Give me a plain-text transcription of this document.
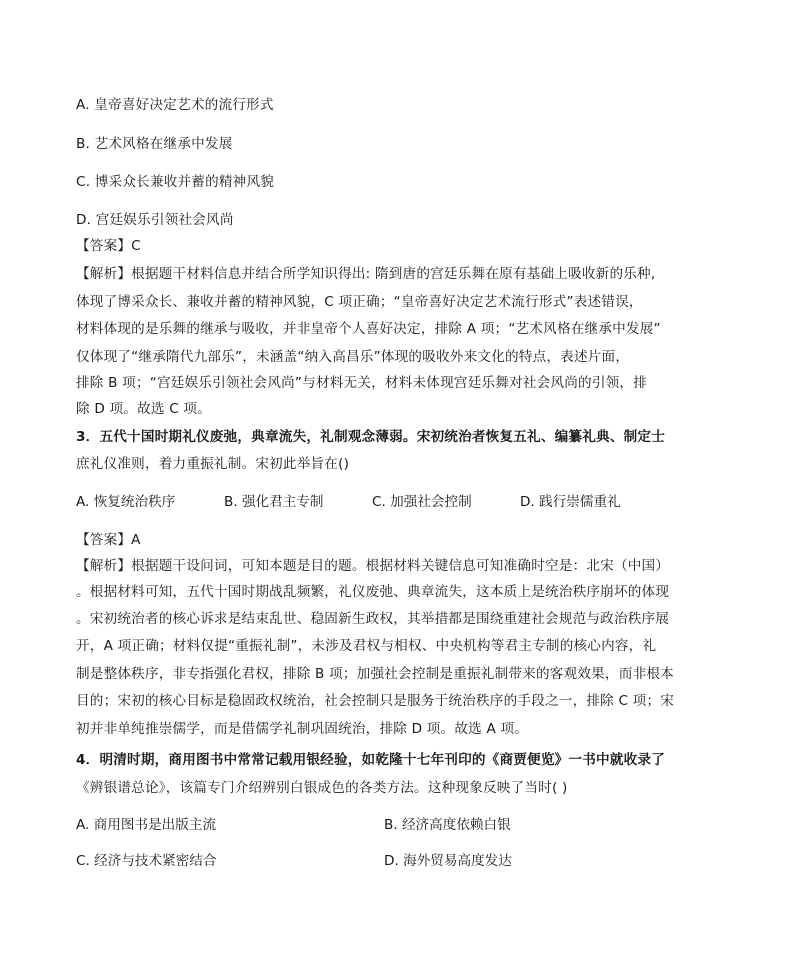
A. 皇帝喜好决定艺术的流行形式
B. 艺术风格在继承中发展
C. 博采众长兼收并蓄的精神风貌
D. 宫廷娱乐引领社会风尚
【答案】C
【解析】根据题干材料信息并结合所学知识得出: 隋到唐的宫廷乐舞在原有基础上吸收新的乐种,
体现了博采众长、兼收并蓄的精神风貌，C 项正确；“皇帝喜好决定艺术流行形式”表述错误，
材料体现的是乐舞的继承与吸收，并非皇帝个人喜好决定，排除 A 项；“艺术风格在继承中发展”
仅体现了“继承隋代九部乐”，未涵盖“纳入高昌乐”体现的吸收外来文化的特点，表述片面，
排除 B 项；“宫廷娱乐引领社会风尚”与材料无关，材料未体现宫廷乐舞对社会风尚的引领，排
除 D 项。故选 C 项。
3．五代十国时期礼仪废弛，典章流失，礼制观念薄弱。宋初统治者恢复五礼、编纂礼典、制定士
庶礼仪准则，着力重振礼制。宋初此举旨在()
A. 恢复统治秩序	B. 强化君主专制	C. 加强社会控制	D. 践行崇儒重礼
【答案】A
【解析】根据题干设问词，可知本题是目的题。根据材料关键信息可知准确时空是：北宋（中国）
。根据材料可知，五代十国时期战乱频繁，礼仪废弛、典章流失，这本质上是统治秩序崩坏的体现
。宋初统治者的核心诉求是结束乱世、稳固新生政权，其举措都是围绕重建社会规范与政治秩序展
开，A 项正确；材料仅提“重振礼制”，未涉及君权与相权、中央机构等君主专制的核心内容，礼
制是整体秩序，非专指强化君权，排除 B 项；加强社会控制是重振礼制带来的客观效果，而非根本
目的；宋初的核心目标是稳固政权统治，社会控制只是服务于统治秩序的手段之一，排除 C 项；宋
初并非单纯推崇儒学，而是借儒学礼制巩固统治，排除 D 项。故选 A 项。
4．明清时期，商用图书中常常记载用银经验，如乾隆十七年刊印的《商贾便览》一书中就收录了
《辨银谱总论》，该篇专门介绍辨别白银成色的各类方法。这种现象反映了当时( )
A. 商用图书是出版主流	B. 经济高度依赖白银
C. 经济与技术紧密结合	D. 海外贸易高度发达
